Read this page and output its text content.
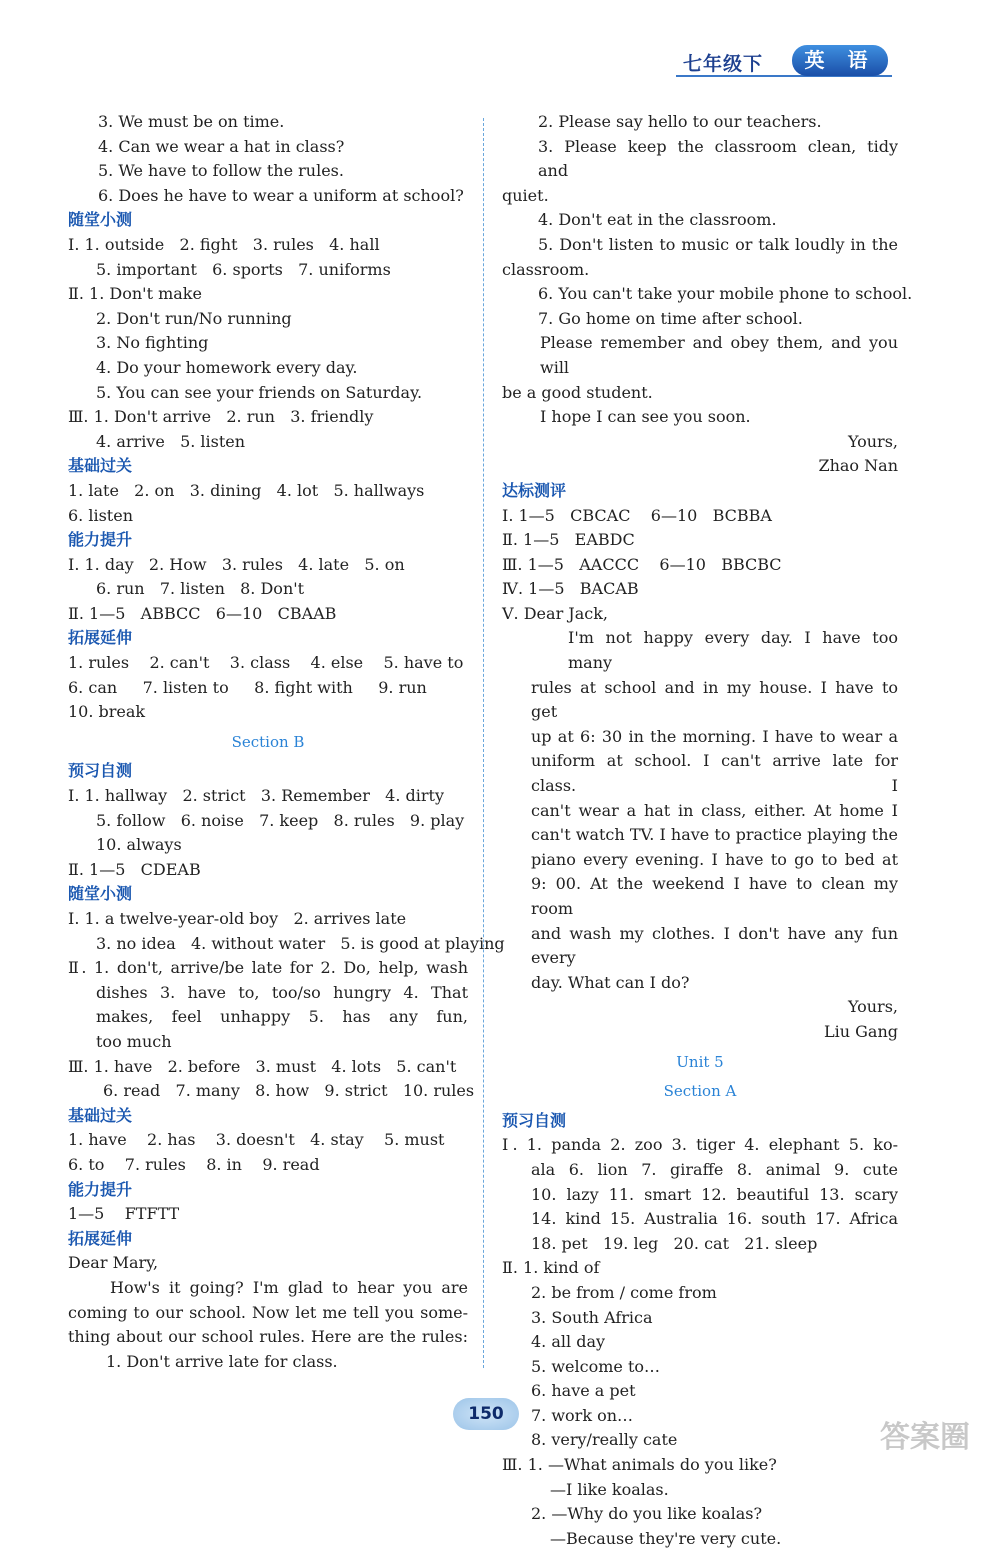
七年级下	英 语
3. We must be on time.
4. Can we wear a hat in class?
5. We have to follow the rules.
6. Does he have to wear a uniform at school?
随堂小测
Ⅰ. 1. outside   2. fight   3. rules   4. hall
5. important   6. sports   7. uniforms
Ⅱ. 1. Don't make
2. Don't run/No running
3. No fighting
4. Do your homework every day.
5. You can see your friends on Saturday.
Ⅲ. 1. Don't arrive   2. run   3. friendly
4. arrive   5. listen
基础过关
1. late   2. on   3. dining   4. lot   5. hallways
6. listen
能力提升
Ⅰ. 1. day   2. How   3. rules   4. late   5. on
6. run   7. listen   8. Don't
Ⅱ. 1—5   ABBCC   6—10   CBAAB
拓展延伸
1. rules    2. can't    3. class    4. else    5. have to
6. can     7. listen to     8. fight with     9. run
10. break
Section B
预习自测
Ⅰ. 1. hallway   2. strict   3. Remember   4. dirty
5. follow   6. noise   7. keep   8. rules   9. play
10. always
Ⅱ. 1—5   CDEAB
随堂小测
Ⅰ. 1. a twelve-year-old boy   2. arrives late
3. no idea   4. without water   5. is good at playing
Ⅱ. 1. don't, arrive/be late for 2. Do, help, wash
dishes 3. have to, too/so hungry 4. That
makes, feel unhappy 5. has any fun,
too much
Ⅲ. 1. have   2. before   3. must   4. lots   5. can't
6. read   7. many   8. how   9. strict   10. rules
基础过关
1. have    2. has    3. doesn't   4. stay    5. must
6. to    7. rules    8. in    9. read
能力提升
1—5    FTFTT
拓展延伸
Dear Mary,
How's it going? I'm glad to hear you are
coming to our school. Now let me tell you some-
thing about our school rules. Here are the rules:
1. Don't arrive late for class.
2. Please say hello to our teachers.
3. Please keep the classroom clean, tidy and
quiet.
4. Don't eat in the classroom.
5. Don't listen to music or talk loudly in the
classroom.
6. You can't take your mobile phone to school.
7. Go home on time after school.
Please remember and obey them, and you will
be a good student.
I hope I can see you soon.
Yours,
Zhao Nan
达标测评
Ⅰ. 1—5   CBCAC    6—10   BCBBA
Ⅱ. 1—5   EABDC
Ⅲ. 1—5   AACCC    6—10   BBCBC
Ⅳ. 1—5   BACAB
Ⅴ. Dear Jack,
I'm not happy every day. I have too many
rules at school and in my house. I have to get
up at 6: 30 in the morning. I have to wear a
uniform at school. I can't arrive late for class. I
can't wear a hat in class, either. At home I
can't watch TV. I have to practice playing the
piano every evening. I have to go to bed at
9: 00. At the weekend I have to clean my room
and wash my clothes. I don't have any fun every
day. What can I do?
Yours,
Liu Gang
Unit 5
Section A
预习自测
Ⅰ. 1. panda 2. zoo 3. tiger 4. elephant 5. ko-
ala 6. lion 7. giraffe 8. animal 9. cute
10. lazy 11. smart 12. beautiful 13. scary
14. kind 15. Australia 16. south 17. Africa
18. pet   19. leg   20. cat   21. sleep
Ⅱ. 1. kind of
2. be from / come from
3. South Africa
4. all day
5. welcome to…
6. have a pet
7. work on…
8. very/really cate
Ⅲ. 1. —What animals do you like?
—I like koalas.
2. —Why do you like koalas?
—Because they're very cute.
150
答案圈
